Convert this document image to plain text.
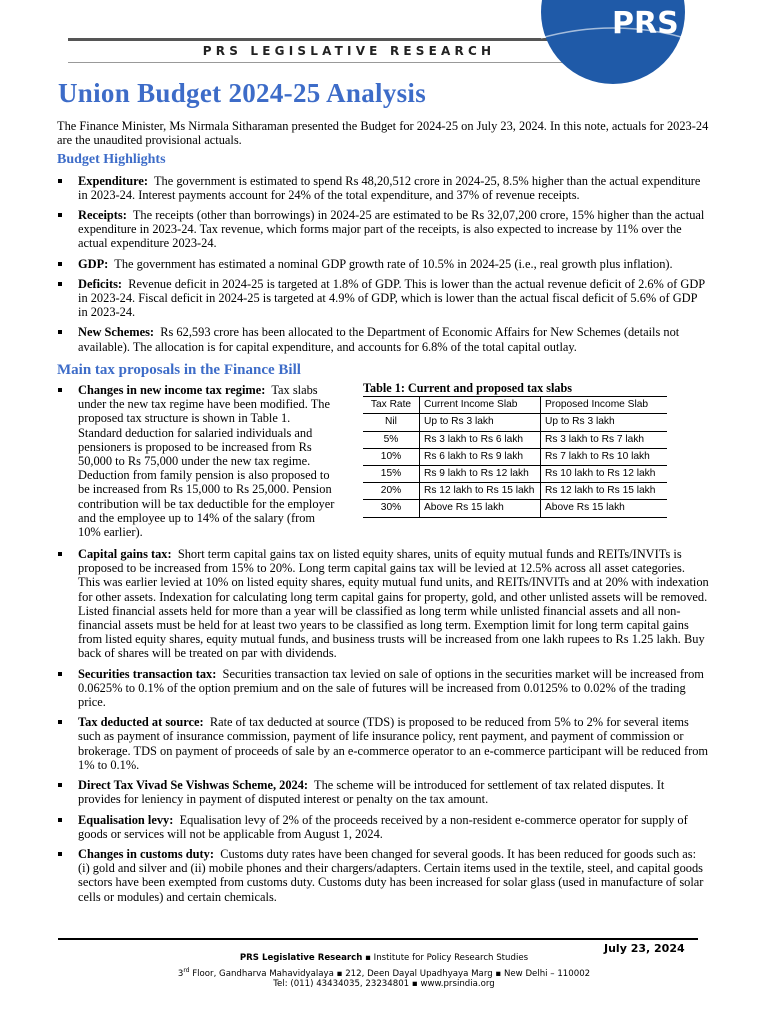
PRS LEGISLATIVE RESEARCH
PRS
Union Budget 2024-25 Analysis

The Finance Minister, Ms Nirmala Sitharaman presented the Budget for 2024-25 on July 23, 2024. In this note, actuals for 2023-24 are the unaudited provisional actuals.

Budget Highlights
Expenditure: The government is estimated to spend Rs 48,20,512 crore in 2024-25, 8.5% higher than the actual expenditure in 2023-24. Interest payments account for 24% of the total expenditure, and 37% of revenue receipts.
Receipts: The receipts (other than borrowings) in 2024-25 are estimated to be Rs 32,07,200 crore, 15% higher than the actual expenditure in 2023-24. Tax revenue, which forms major part of the receipts, is also expected to increase by 11% over the actual expenditure 2023-24.
GDP: The government has estimated a nominal GDP growth rate of 10.5% in 2024-25 (i.e., real growth plus inflation).
Deficits: Revenue deficit in 2024-25 is targeted at 1.8% of GDP. This is lower than the actual revenue deficit of 2.6% of GDP in 2023-24. Fiscal deficit in 2024-25 is targeted at 4.9% of GDP, which is lower than the actual fiscal deficit of 5.6% of GDP in 2023-24.
New Schemes: Rs 62,593 crore has been allocated to the Department of Economic Affairs for New Schemes (details not available). The allocation is for capital expenditure, and accounts for 6.8% of the total capital outlay.
Main tax proposals in the Finance Bill
Changes in new income tax regime: Tax slabs under the new tax regime have been modified. The proposed tax structure is shown in Table 1. Standard deduction for salaried individuals and pensioners is proposed to be increased from Rs 50,000 to Rs 75,000 under the new tax regime. Deduction from family pension is also proposed to be increased from Rs 15,000 to Rs 25,000. Pension contribution will be tax deductible for the employer and the employee up to 14% of the salary (from 10% earlier).
Table 1: Current and proposed tax slabs
Tax Rate	Current Income Slab	Proposed Income Slab
Nil	Up to Rs 3 lakh	Up to Rs 3 lakh
5%	Rs 3 lakh to Rs 6 lakh	Rs 3 lakh to Rs 7 lakh
10%	Rs 6 lakh to Rs 9 lakh	Rs 7 lakh to Rs 10 lakh
15%	Rs 9 lakh to Rs 12 lakh	Rs 10 lakh to Rs 12 lakh
20%	Rs 12 lakh to Rs 15 lakh	Rs 12 lakh to Rs 15 lakh
30%	Above Rs 15 lakh	Above Rs 15 lakh
Capital gains tax: Short term capital gains tax on listed equity shares, units of equity mutual funds and REITs/INVITs is proposed to be increased from 15% to 20%. Long term capital gains tax will be levied at 12.5% across all asset categories. This was earlier levied at 10% on listed equity shares, equity mutual fund units, and REITs/INVITs and at 20% with indexation for other assets. Indexation for calculating long term capital gains for property, gold, and other unlisted assets will be removed. Listed financial assets held for more than a year will be classified as long term while unlisted financial assets and all non-financial assets must be held for at least two years to be classified as long term. Exemption limit for long term capital gains from listed equity shares, equity mutual funds, and business trusts will be increased from one lakh rupees to Rs 1.25 lakh. Buy back of shares will be treated on par with dividends.
Securities transaction tax: Securities transaction tax levied on sale of options in the securities market will be increased from 0.0625% to 0.1% of the option premium and on the sale of futures will be increased from 0.0125% to 0.02% of the trading price.
Tax deducted at source: Rate of tax deducted at source (TDS) is proposed to be reduced from 5% to 2% for several items such as payment of insurance commission, payment of life insurance policy, rent payment, and payment of commission or brokerage. TDS on payment of proceeds of sale by an e-commerce operator to an e-commerce participant will be reduced from 1% to 0.1%.
Direct Tax Vivad Se Vishwas Scheme, 2024: The scheme will be introduced for settlement of tax related disputes. It provides for leniency in payment of disputed interest or penalty on the tax amount.
Equalisation levy: Equalisation levy of 2% of the proceeds received by a non-resident e-commerce operator for supply of goods or services will not be applicable from August 1, 2024.
Changes in customs duty: Customs duty rates have been changed for several goods. It has been reduced for goods such as: (i) gold and silver and (ii) mobile phones and their chargers/adapters. Certain items used in the textile, steel, and capital goods sectors have been exempted from customs duty. Customs duty has been increased for solar glass (used in manufacture of solar cells or modules) and certain chemicals.
July 23, 2024
PRS Legislative Research ▪ Institute for Policy Research Studies
3rd Floor, Gandharva Mahavidyalaya ▪ 212, Deen Dayal Upadhyaya Marg ▪ New Delhi – 110002
Tel: (011) 43434035, 23234801 ▪ www.prsindia.org
